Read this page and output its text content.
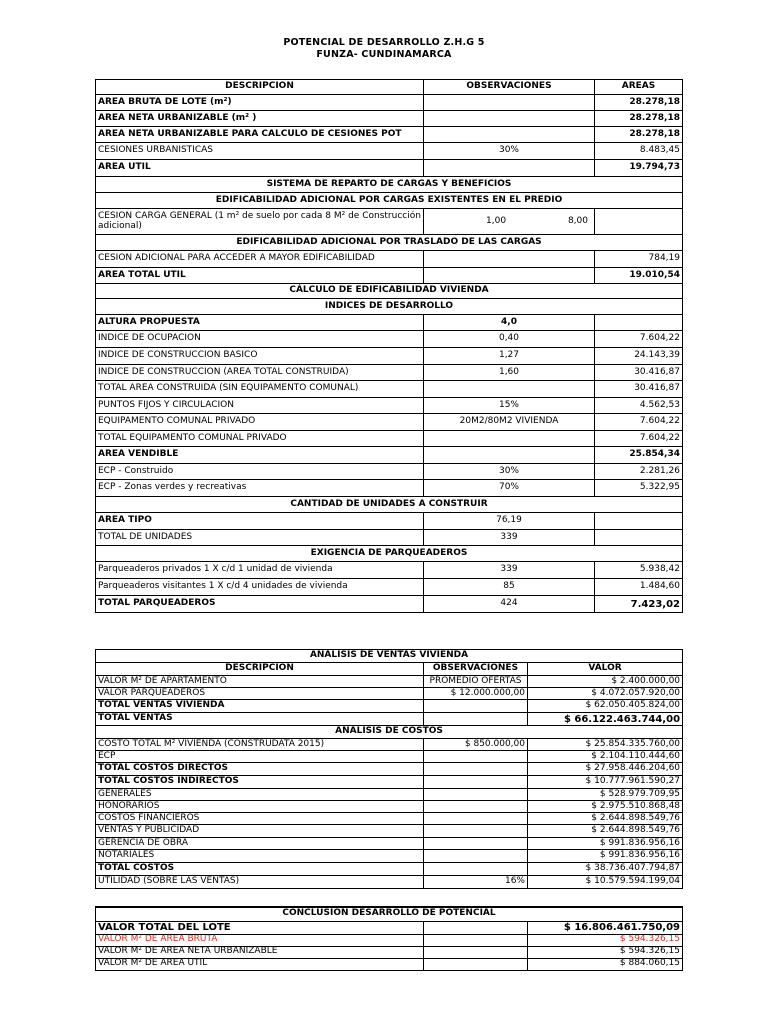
POTENCIAL DE DESARROLLO Z.H.G 5
FUNZA- CUNDINAMARCA
DESCRIPCION	OBSERVACIONES	AREAS
AREA BRUTA DE LOTE (m²)		28.278,18
AREA NETA URBANIZABLE (m² )		28.278,18
AREA NETA URBANIZABLE PARA CALCULO DE CESIONES POT		28.278,18
CESIONES URBANISTICAS	30%	8.483,45
AREA UTIL		19.794,73
SISTEMA DE REPARTO DE CARGAS Y BENEFICIOS		
EDIFICABILIDAD ADICIONAL POR CARGAS EXISTENTES EN EL PREDIO		
CESION CARGA GENERAL (1 m² de suelo por cada 8 M² de Construcción adicional)	1,00 8,00	

EDIFICABILIDAD ADICIONAL POR TRASLADO DE LAS CARGAS		
CESION ADICIONAL PARA ACCEDER A MAYOR EDIFICABILIDAD		784,19
AREA TOTAL UTIL		19.010,54
CÁLCULO DE EDIFICABILIDAD VIVIENDA		
INDICES DE DESARROLLO		
ALTURA PROPUESTA	4,0	
INDICE DE OCUPACION	0,40	7.604,22
INDICE DE CONSTRUCCION BASICO	1,27	24.143,39
INDICE DE CONSTRUCCION (AREA TOTAL CONSTRUIDA)	1,60	30.416,87
TOTAL AREA CONSTRUIDA (SIN EQUIPAMENTO COMUNAL)		30.416,87
PUNTOS FIJOS Y CIRCULACION	15%	4.562,53
EQUIPAMENTO COMUNAL PRIVADO	20M2/80M2 VIVIENDA	7.604,22
TOTAL EQUIPAMENTO COMUNAL PRIVADO		7.604,22
AREA VENDIBLE		25.854,34
ECP - Construido	30%	2.281,26
ECP - Zonas verdes y recreativas	70%	5.322,95
CANTIDAD DE UNIDADES A CONSTRUIR		
AREA TIPO	76,19	
TOTAL DE UNIDADES	339	
EXIGENCIA DE PARQUEADEROS		
Parqueaderos privados 1 X c/d 1 unidad de vivienda	339	5.938,42
Parqueaderos visitantes 1 X c/d 4 unidades de vivienda	85	1.484,60
TOTAL PARQUEADEROS	424	7.423,02
ANALISIS DE VENTAS VIVIENDA		
DESCRIPCION	OBSERVACIONES	VALOR
VALOR M² DE APARTAMENTO	PROMEDIO OFERTAS	$ 2.400.000,00
VALOR PARQUEADEROS	$ 12.000.000,00	$ 4.072.057.920,00
TOTAL VENTAS VIVIENDA		$ 62.050.405.824,00
TOTAL VENTAS		$ 66.122.463.744,00
ANALISIS DE COSTOS		
COSTO TOTAL M² VIVIENDA (CONSTRUDATA 2015)	$ 850.000,00	$ 25.854.335.760,00
ECP		$ 2.104.110.444,60
TOTAL COSTOS DIRECTOS		$ 27.958.446.204,60
TOTAL COSTOS INDIRECTOS		$ 10.777.961.590,27
GENERALES		$ 528.979.709,95
HONORARIOS		$ 2.975.510.868,48
COSTOS FINANCIEROS		$ 2.644.898.549,76
VENTAS Y PUBLICIDAD		$ 2.644.898.549,76
GERENCIA DE OBRA		$ 991.836.956,16
NOTARIALES		$ 991.836.956,16
TOTAL COSTOS		$ 38.736.407.794,87
UTILIDAD (SOBRE LAS VENTAS)	16%	$ 10.579.594.199,04
CONCLUSION DESARROLLO DE POTENCIAL		
VALOR TOTAL DEL LOTE		$ 16.806.461.750,09
VALOR M² DE AREA BRUTA		$ 594.326,15
VALOR M² DE AREA NETA URBANIZABLE		$ 594.326,15
VALOR M² DE AREA UTIL		$ 884.060,15
